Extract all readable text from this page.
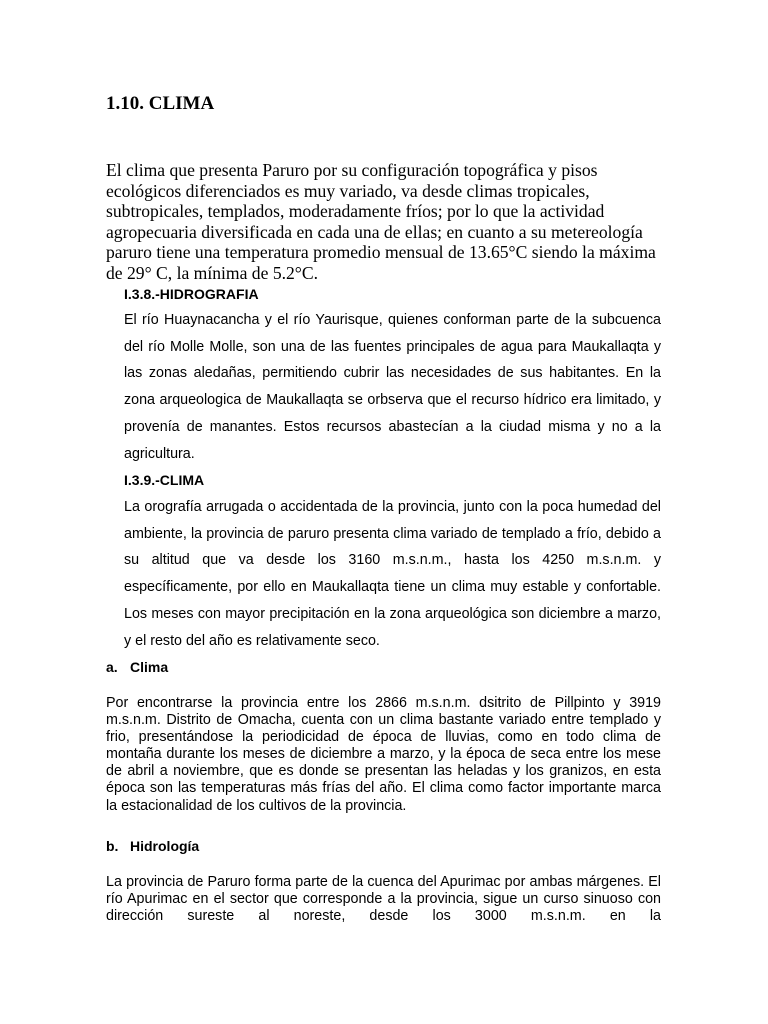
1.10. CLIMA

El clima que presenta Paruro por su configuración topográfica y pisos ecológicos diferenciados es muy variado, va desde climas tropicales, subtropicales, templados, moderadamente fríos; por lo que la actividad agropecuaria diversificada en cada una de ellas; en cuanto a su metereología paruro tiene una temperatura promedio mensual de 13.65°C siendo la máxima de 29° C, la mínima de 5.2°C.

I.3.8.-HIDROGRAFIA

El río Huaynacancha y el río Yaurisque, quienes conforman parte de la subcuenca del río Molle Molle, son una de las fuentes principales de agua para Maukallaqta y las zonas aledañas, permitiendo cubrir las necesidades de sus habitantes. En la zona arqueologica de Maukallaqta se orbserva que el recurso hídrico era limitado, y provenía de manantes. Estos recursos abastecían a la ciudad misma y no a la agricultura.

I.3.9.-CLIMA

La orografía arrugada o accidentada de la provincia, junto con la poca humedad del ambiente, la provincia de paruro presenta clima variado de templado a frío, debido a su altitud que va desde los 3160 m.s.n.m., hasta los 4250 m.s.n.m. y específicamente, por ello en Maukallaqta tiene un clima muy estable y confortable. Los meses con mayor precipitación en la zona arqueológica son diciembre a marzo, y el resto del año es relativamente seco.

a. Clima

Por encontrarse la provincia entre los 2866 m.s.n.m. dsitrito de Pillpinto y 3919 m.s.n.m. Distrito de Omacha, cuenta con un clima bastante variado entre templado y frio, presentándose la periodicidad de época de lluvias, como en todo clima de montaña durante los meses de diciembre a marzo, y la época de seca entre los mese de abril a noviembre, que es donde se presentan las heladas y los granizos, en esta época son las temperaturas más frías del año. El clima como factor importante marca la estacionalidad de los cultivos de la provincia.

b. Hidrología

La provincia de Paruro forma parte de la cuenca del Apurimac por ambas márgenes. El río Apurimac en el sector que corresponde a la provincia, sigue un curso sinuoso con dirección sureste al noreste, desde los 3000 m.s.n.m. en la
